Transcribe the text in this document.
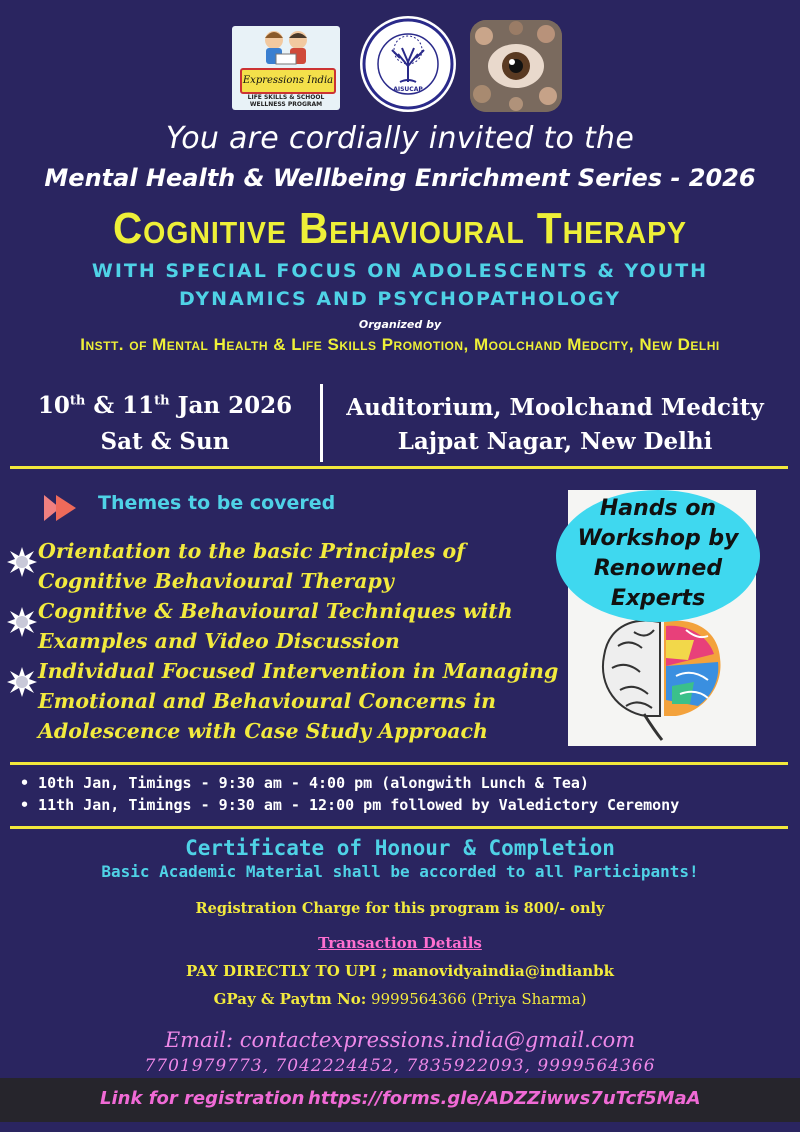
Expressions India
LIFE SKILLS & SCHOOL WELLNESS PROGRAM
AISUCAP
You are cordially invited to the
Mental Health & Wellbeing Enrichment Series - 2026
Cognitive Behavioural Therapy
WITH SPECIAL FOCUS ON ADOLESCENTS & YOUTH
DYNAMICS AND PSYCHOPATHOLOGY
Organized by
Instt. of Mental Health & Life Skills Promotion, Moolchand Medcity, New Delhi
10th & 11th Jan 2026
Sat & Sun
Auditorium, Moolchand Medcity
Lajpat Nagar, New Delhi
Themes to be covered
Orientation to the basic Principles of
Cognitive Behavioural Therapy
Cognitive & Behavioural Techniques with
Examples and Video Discussion
Individual Focused Intervention in Managing
Emotional and Behavioural Concerns in
Adolescence with Case Study Approach
Hands on
Workshop by
Renowned
Experts
• 10th Jan, Timings - 9:30 am - 4:00 pm (alongwith Lunch & Tea)
• 11th Jan, Timings - 9:30 am - 12:00 pm followed by Valedictory Ceremony
Certificate of Honour & Completion
Basic Academic Material shall be accorded to all Participants!
Registration Charge for this program is 800/- only
Transaction Details
PAY DIRECTLY TO UPI ; manovidyaindia@indianbk
GPay & Paytm No: 9999564366 (Priya Sharma)
Email: contactexpressions.india@gmail.com
7701979773, 7042224452, 7835922093, 9999564366
Link for registration https://forms.gle/ADZZiwws7uTcf5MaA
